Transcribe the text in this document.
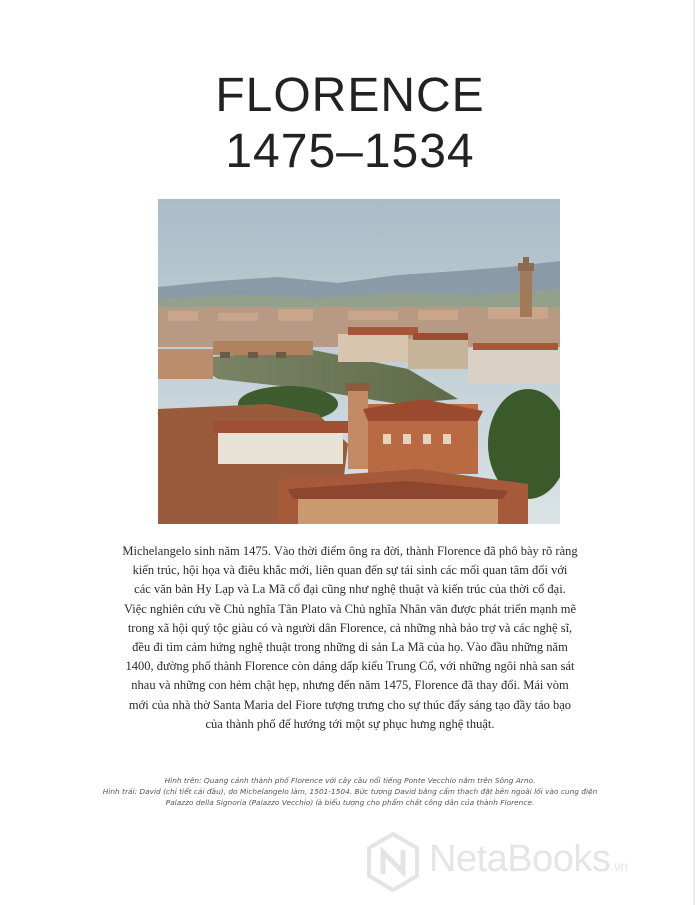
FLORENCE
1475–1534
Michelangelo sinh năm 1475. Vào thời điểm ông ra đời, thành Florence đã phô bày rõ ràng
kiến trúc, hội họa và điêu khắc mới, liên quan đến sự tái sinh các mối quan tâm đối với
các văn bản Hy Lạp và La Mã cổ đại cũng như nghệ thuật và kiến trúc của thời cổ đại.
Việc nghiên cứu về Chủ nghĩa Tân Plato và Chủ nghĩa Nhân văn được phát triển mạnh mẽ
trong xã hội quý tộc giàu có và người dân Florence, cả những nhà bảo trợ và các nghệ sĩ,
đều đi tìm cảm hứng nghệ thuật trong những di sản La Mã của họ. Vào đầu những năm
1400, đường phố thành Florence còn dáng dấp kiểu Trung Cổ, với những ngôi nhà san sát
nhau và những con hẻm chật hẹp, nhưng đến năm 1475, Florence đã thay đổi. Mái vòm
mới của nhà thờ Santa Maria del Fiore tượng trưng cho sự thúc đẩy sáng tạo đầy táo bạo
của thành phố để hướng tới một sự phục hưng nghệ thuật.
Hình trên: Quang cảnh thành phố Florence với cây cầu nổi tiếng Ponte Vecchio nằm trên Sông Arno.
Hình trái: David (chi tiết cái đầu), do Michelangelo làm, 1501-1504. Bức tượng David bằng cẩm thạch đặt bên ngoài lối vào cung điện
Palazzo della Signoria (Palazzo Vecchio) là biểu tượng cho phẩm chất công dân của thành Florence.
NetaBooks.vn
